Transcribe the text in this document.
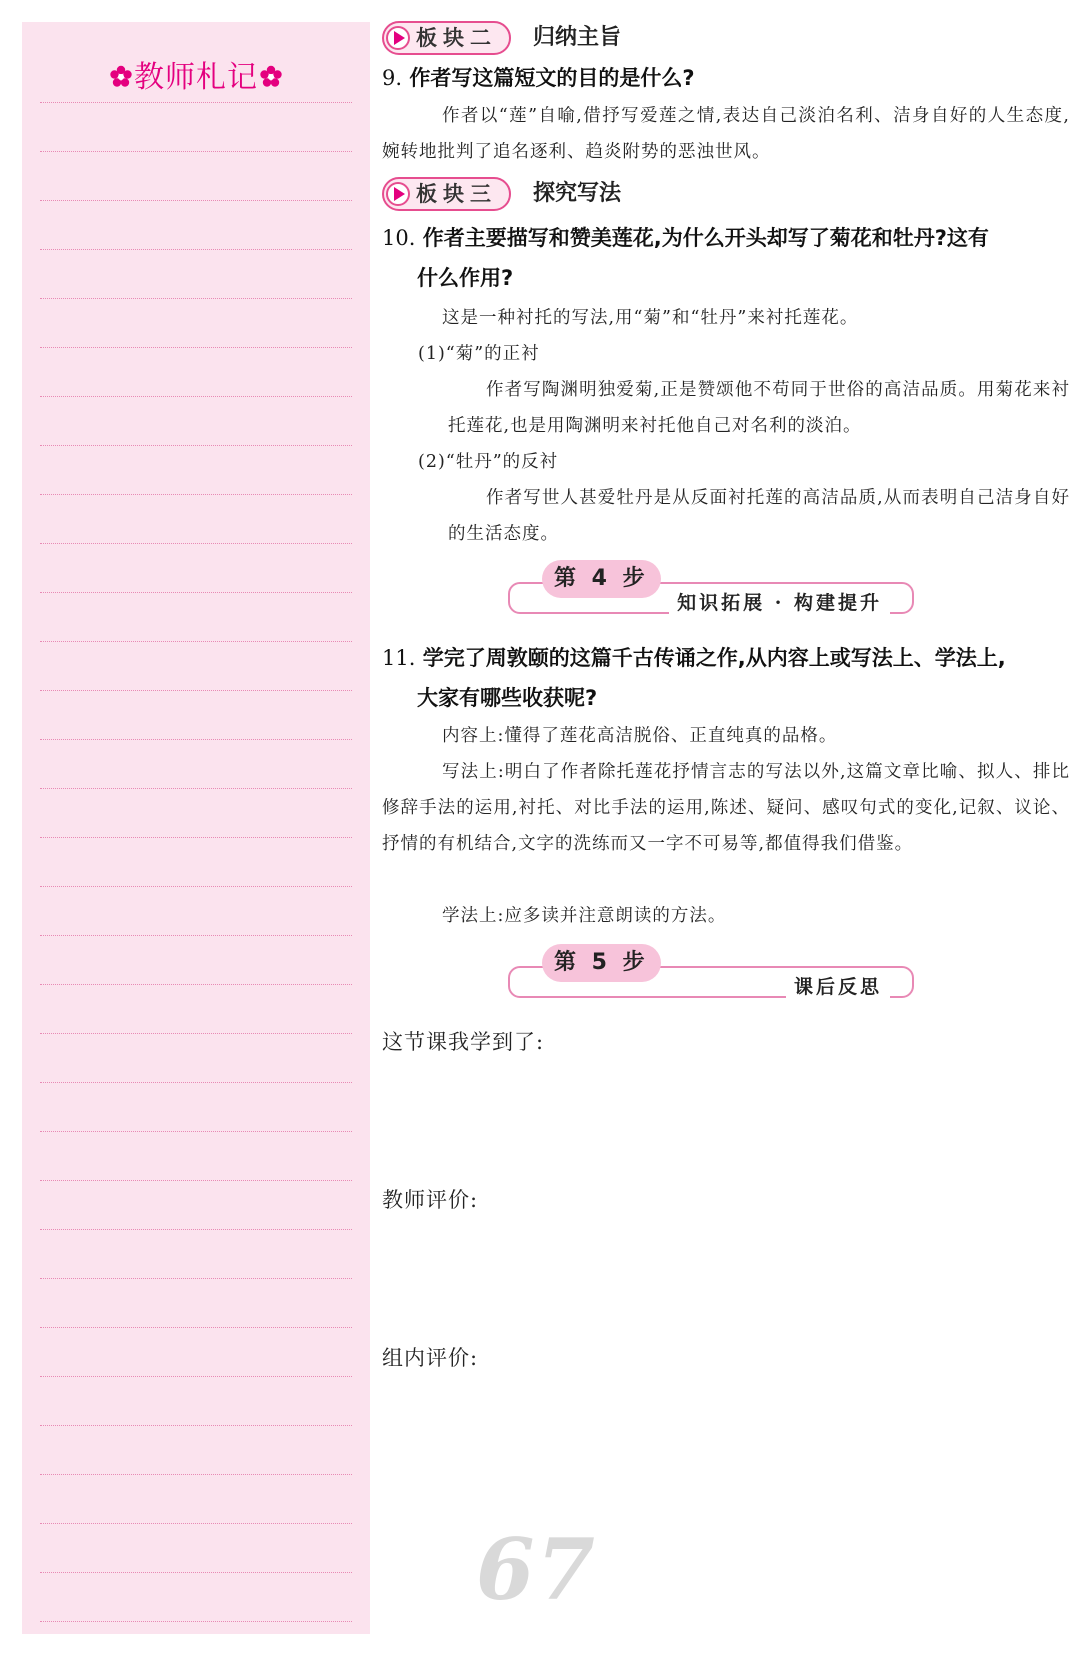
教师札记
板块二 归纳主旨
9. 作者写这篇短文的目的是什么?
作者以“莲”自喻,借抒写爱莲之情,表达自己淡泊名利、洁身自好的人生态度,婉转地批判了追名逐利、趋炎附势的恶浊世风。
板块三 探究写法
10. 作者主要描写和赞美莲花,为什么开头却写了菊花和牡丹?这有
什么作用?
这是一种衬托的写法,用“菊”和“牡丹”来衬托莲花。
(1)“菊”的正衬
作者写陶渊明独爱菊,正是赞颂他不苟同于世俗的高洁品质。用菊花来衬托莲花,也是用陶渊明来衬托他自己对名利的淡泊。
(2)“牡丹”的反衬
作者写世人甚爱牡丹是从反面衬托莲的高洁品质,从而表明自己洁身自好的生活态度。
第 4 步
知识拓展 · 构建提升
11. 学完了周敦颐的这篇千古传诵之作,从内容上或写法上、学法上,
大家有哪些收获呢?
内容上:懂得了莲花高洁脱俗、正直纯真的品格。
写法上:明白了作者除托莲花抒情言志的写法以外,这篇文章比喻、拟人、排比修辞手法的运用,衬托、对比手法的运用,陈述、疑问、感叹句式的变化,记叙、议论、抒情的有机结合,文字的洗练而又一字不可易等,都值得我们借鉴。
学法上:应多读并注意朗读的方法。
第 5 步
课后反思
这节课我学到了:
教师评价:
组内评价:
67
